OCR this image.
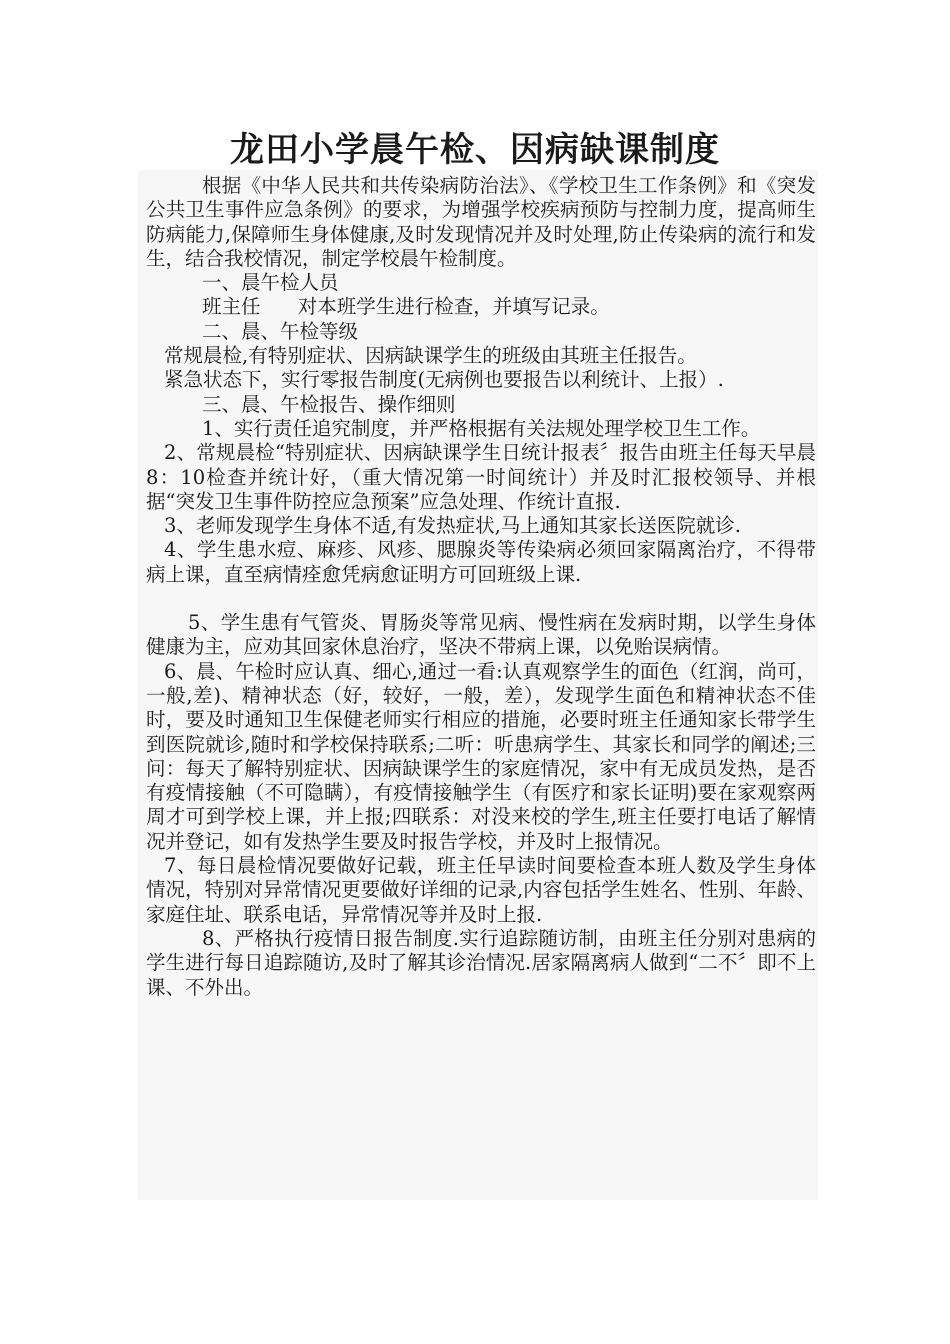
龙田小学晨午检、因病缺课制度

根据《中华人民共和共传染病防治法》、《学校卫生工作条例》和《突发公共卫生事件应急条例》的要求，为增强学校疾病预防与控制力度，提高师生防病能力,保障师生身体健康,及时发现情况并及时处理,防止传染病的流行和发生，结合我校情况，制定学校晨午检制度。

一、晨午检人员

班主任      对本班学生进行检查，并填写记录。

二、晨、午检等级

常规晨检,有特别症状、因病缺课学生的班级由其班主任报告。

紧急状态下，实行零报告制度(无病例也要报告以利统计、上报）.

三、晨、午检报告、操作细则

1、实行责任追究制度，并严格根据有关法规处理学校卫生工作。

2、常规晨检“特别症状、因病缺课学生日统计报表〞报告由班主任每天早晨8：10检查并统计好，（重大情况第一时间统计）并及时汇报校领导、并根据“突发卫生事件防控应急预案”应急处理、作统计直报.

3、老师发现学生身体不适,有发热症状,马上通知其家长送医院就诊.

4、学生患水痘、麻疹、风疹、腮腺炎等传染病必须回家隔离治疗，不得带病上课，直至病情痊愈凭病愈证明方可回班级上课.

5、学生患有气管炎、胃肠炎等常见病、慢性病在发病时期，以学生身体健康为主，应劝其回家休息治疗，坚决不带病上课，以免贻误病情。

6、晨、午检时应认真、细心,通过一看:认真观察学生的面色（红润，尚可，一般,差)、精神状态（好，较好，一般，差），发现学生面色和精神状态不佳时，要及时通知卫生保健老师实行相应的措施，必要时班主任通知家长带学生到医院就诊,随时和学校保持联系;二听：听患病学生、其家长和同学的阐述;三问：每天了解特别症状、因病缺课学生的家庭情况，家中有无成员发热，是否有疫情接触（不可隐瞒），有疫情接触学生（有医疗和家长证明)要在家观察两周才可到学校上课，并上报;四联系：对没来校的学生,班主任要打电话了解情况并登记，如有发热学生要及时报告学校，并及时上报情况。

7、每日晨检情况要做好记载，班主任早读时间要检查本班人数及学生身体情况，特别对异常情况更要做好详细的记录,内容包括学生姓名、性别、年龄、家庭住址、联系电话，异常情况等并及时上报.

8、严格执行疫情日报告制度.实行追踪随访制，由班主任分别对患病的学生进行每日追踪随访,及时了解其诊治情况.居家隔离病人做到“二不〞即不上课、不外出。
